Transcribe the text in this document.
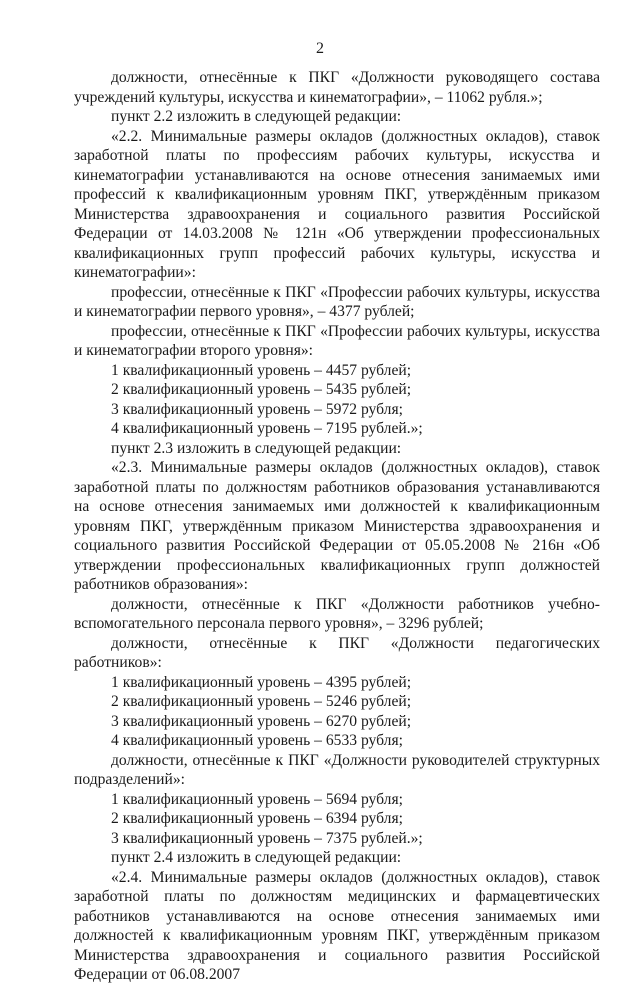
2

должности, отнесённые к ПКГ «Должности руководящего состава учреждений культуры, искусства и кинематографии», – 11062 рубля.»;

пункт 2.2 изложить в следующей редакции:

«2.2. Минимальные размеры окладов (должностных окладов), ставок заработной платы по профессиям рабочих культуры, искусства и кинематографии устанавливаются на основе отнесения занимаемых ими профессий к квалификационным уровням ПКГ, утверждённым приказом Министерства здравоохранения и социального развития Российской Федерации от 14.03.2008 № 121н «Об утверждении профессиональных квалификационных групп профессий рабочих культуры, искусства и кинематографии»:

профессии, отнесённые к ПКГ «Профессии рабочих культуры, искусства и кинематографии первого уровня», – 4377 рублей;

профессии, отнесённые к ПКГ «Профессии рабочих культуры, искусства и кинематографии второго уровня»:

1 квалификационный уровень – 4457 рублей;

2 квалификационный уровень – 5435 рублей;

3 квалификационный уровень – 5972 рубля;

4 квалификационный уровень – 7195 рублей.»;

пункт 2.3 изложить в следующей редакции:

«2.3. Минимальные размеры окладов (должностных окладов), ставок заработной платы по должностям работников образования устанавливаются на основе отнесения занимаемых ими должностей к квалификационным уровням ПКГ, утверждённым приказом Министерства здравоохранения и социального развития Российской Федерации от 05.05.2008 № 216н «Об утверждении профессиональных квалификационных групп должностей работников образования»:

должности, отнесённые к ПКГ «Должности работников учебно-вспомогательного персонала первого уровня», – 3296 рублей;

должности, отнесённые к ПКГ «Должности педагогических работников»:

1 квалификационный уровень – 4395 рублей;

2 квалификационный уровень – 5246 рублей;

3 квалификационный уровень – 6270 рублей;

4 квалификационный уровень – 6533 рубля;

должности, отнесённые к ПКГ «Должности руководителей структурных подразделений»:

1 квалификационный уровень – 5694 рубля;

2 квалификационный уровень – 6394 рубля;

3 квалификационный уровень – 7375 рублей.»;

пункт 2.4 изложить в следующей редакции:

«2.4. Минимальные размеры окладов (должностных окладов), ставок заработной платы по должностям медицинских и фармацевтических работников устанавливаются на основе отнесения занимаемых ими должностей к квалификационным уровням ПКГ, утверждённым приказом Министерства здравоохранения и социального развития Российской Федерации от 06.08.2007
